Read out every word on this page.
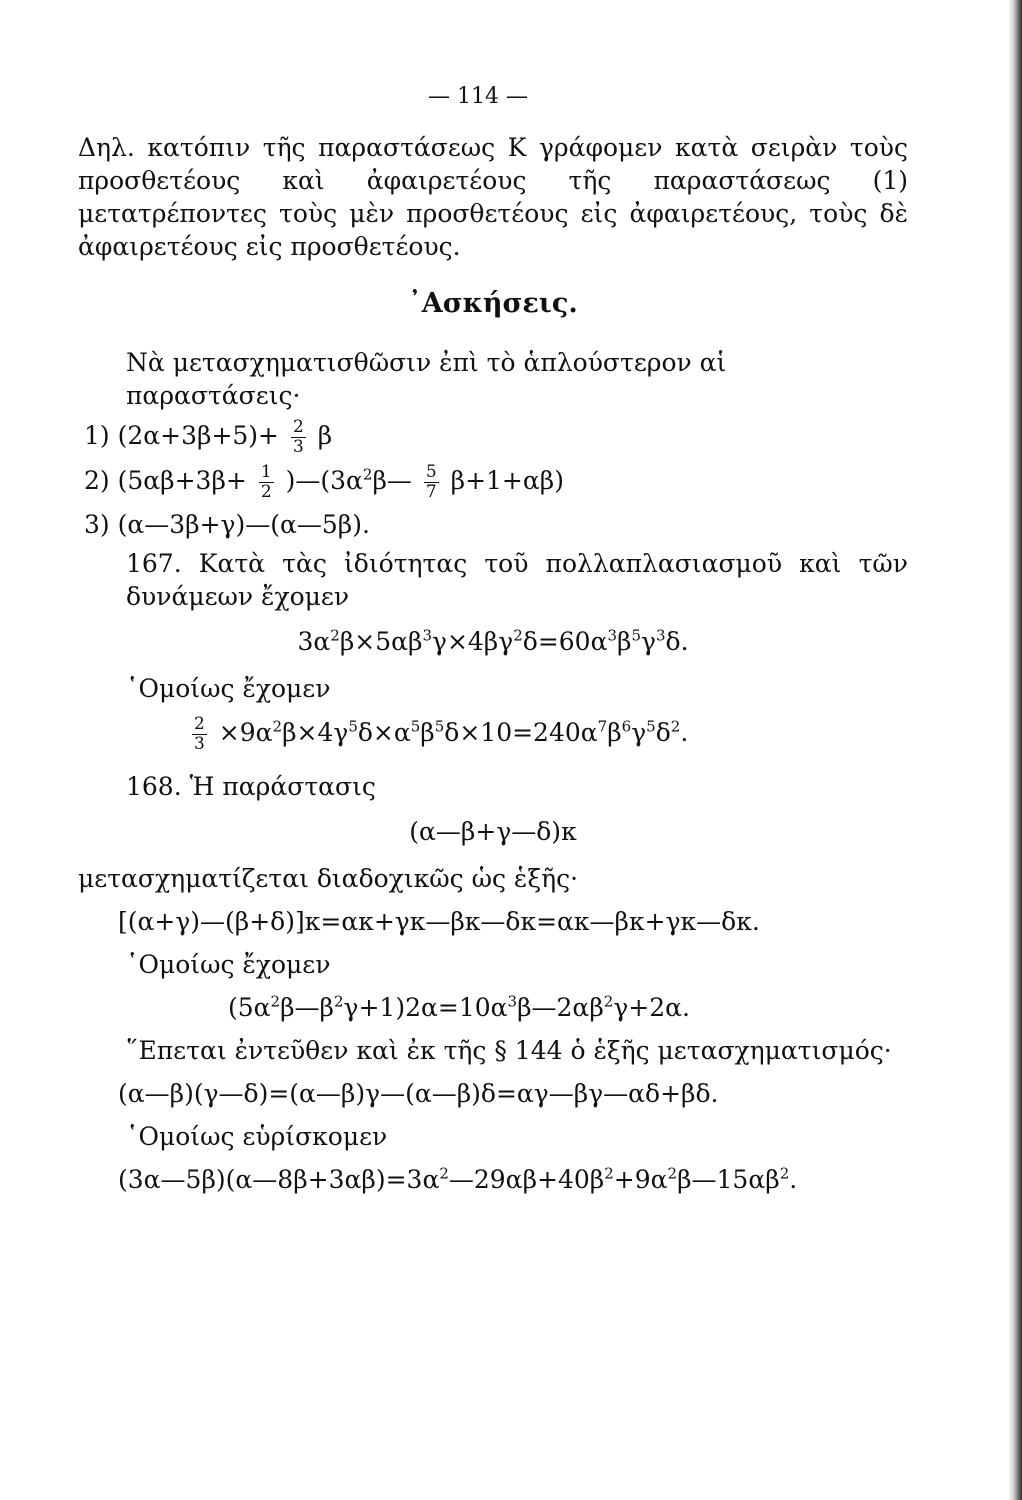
— 114 —

Δηλ. κατόπιν τῆς παραστάσεως Κ γράφομεν κατὰ σειρὰν τοὺς προσθετέους καὶ ἀφαιρετέους τῆς παραστάσεως (1) μετατρέποντες τοὺς μὲν προσθετέους εἰς ἀφαιρετέους, τοὺς δὲ ἀφαιρετέους εἰς προσθετέους.

᾿Ασκήσεις.

Νὰ μετασχηματισθῶσιν ἐπὶ τὸ ἁπλούστερον αἱ παραστάσεις·

1) $(2\alpha+3\beta+5)+ \frac{2}{3}$ β
2) ($5\alpha\beta+3\beta+ \frac{1}{2}$ )$—(3\alpha^2\beta— \frac{5}{7} \beta+1+\alpha\beta)$
3) (α—3β+γ)—(α—5β).

167. Κατὰ τὰς ἰδιότητας τοῦ πολλαπλασιασμοῦ καὶ τῶν δυνάμεων ἔχομεν

$3\alpha^2\beta\times 5\alpha\beta^3\gamma\times 4\beta\gamma^2\delta=60\alpha^3\beta^5\gamma^3\delta$.

῾Ομοίως ἔχομεν

$\frac{2}{3} \times 9\alpha^2\beta\times 4\gamma^5\delta\times\alpha^5\beta^5\delta\times 10=240\alpha^7\beta^6\gamma^5\delta^2$.

168. Ἡ παράστασις

(α—β+γ—δ)κ

μετασχηματίζεται διαδοχικῶς ὡς ἑξῆς·

[(α+γ)—(β+δ)]κ=ακ+γκ—βκ—δκ=ακ—βκ+γκ—δκ.

῾Ομοίως ἔχομεν

$(5\alpha^2\beta—\beta^2\gamma+1)2\alpha=10\alpha^3\beta—2\alpha\beta^2\gamma+2\alpha$.

῞Επεται ἐντεῦθεν καὶ ἐκ τῆς § 144 ὁ ἑξῆς μετασχηματισμός·

(α—β)(γ—δ)=(α—β)γ—(α—β)δ=αγ—βγ—αδ+βδ.

῾Ομοίως εὑρίσκομεν

$(3\alpha—5\beta)(\alpha—8\beta+3\alpha\beta)=3\alpha^2—29\alpha\beta+40\beta^2+9\alpha^2\beta—15\alpha\beta^2$.
